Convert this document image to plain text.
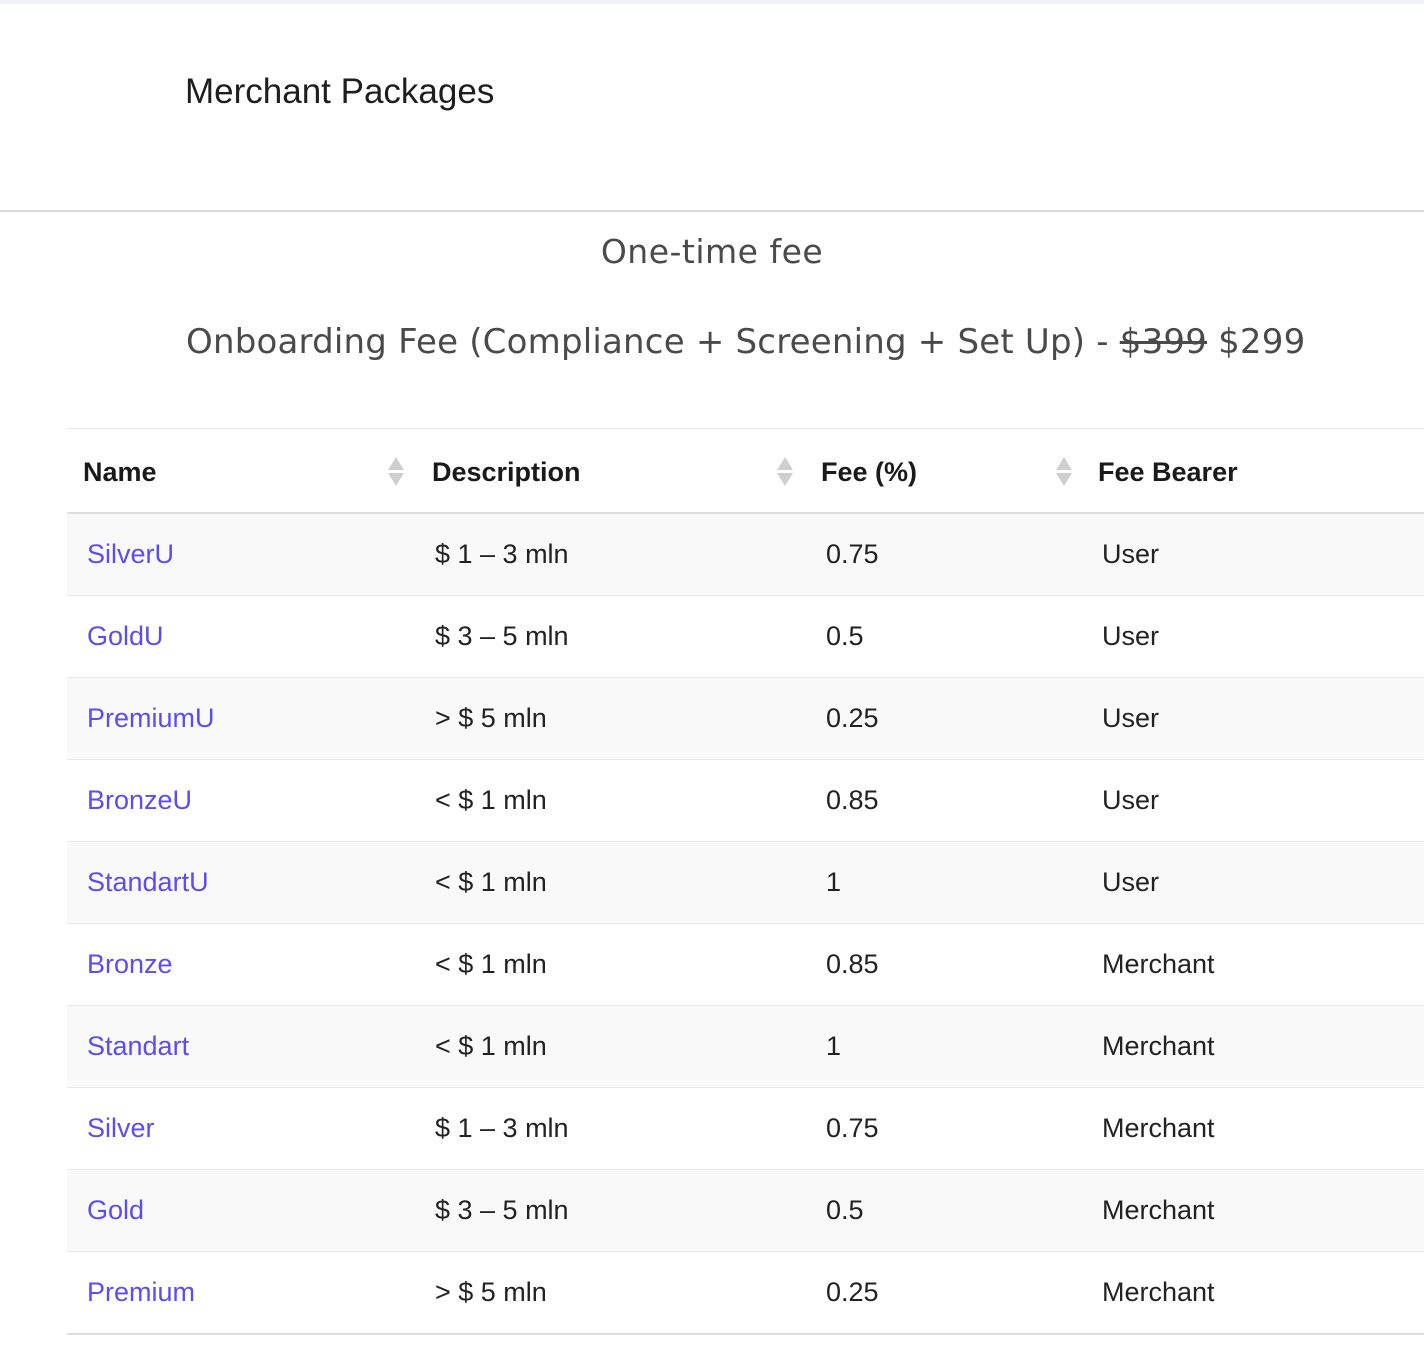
Merchant Packages
One-time fee
Onboarding Fee (Compliance + Screening + Set Up) - $399 $299
Name	Description	Fee (%)	Fee Bearer

SilverU	$ 1 – 3 mln	0.75	User
GoldU	$ 3 – 5 mln	0.5	User
PremiumU	> $ 5 mln	0.25	User
BronzeU	< $ 1 mln	0.85	User
StandartU	< $ 1 mln	1	User
Bronze	< $ 1 mln	0.85	Merchant
Standart	< $ 1 mln	1	Merchant
Silver	$ 1 – 3 mln	0.75	Merchant
Gold	$ 3 – 5 mln	0.5	Merchant
Premium	> $ 5 mln	0.25	Merchant
